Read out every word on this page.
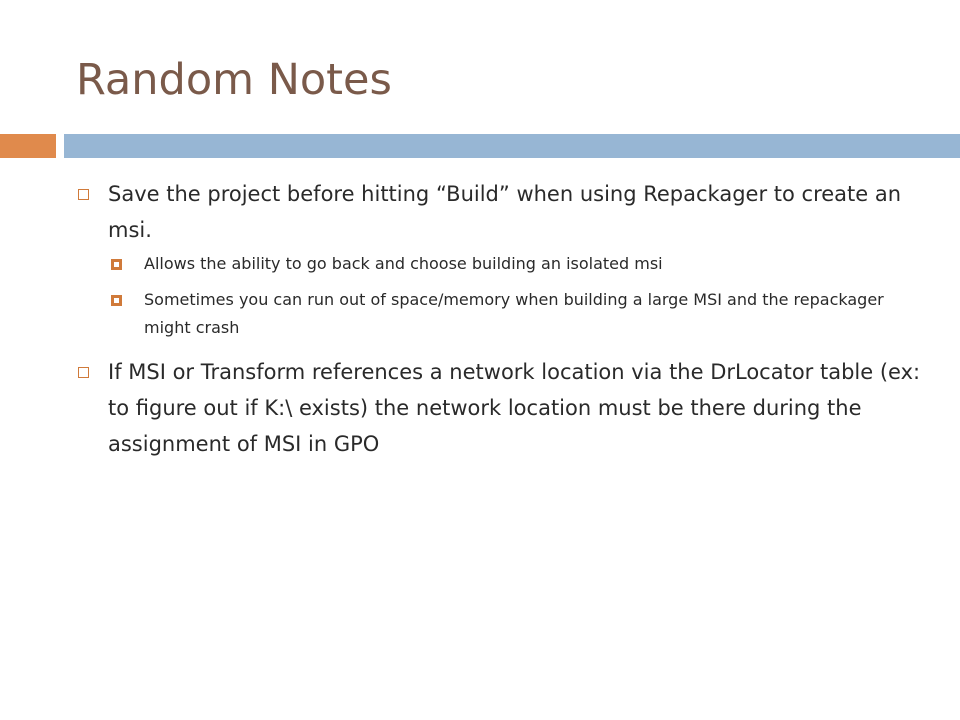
Random Notes

Save the project before hitting “Build” when using Repackager to create an msi.

Allows the ability to go back and choose building an isolated msi

Sometimes you can run out of space/memory when building a large MSI and the repackager might crash

If MSI or Transform references a network location via the DrLocator table (ex: to figure out if K:\ exists) the network location must be there during the assignment of MSI in GPO
